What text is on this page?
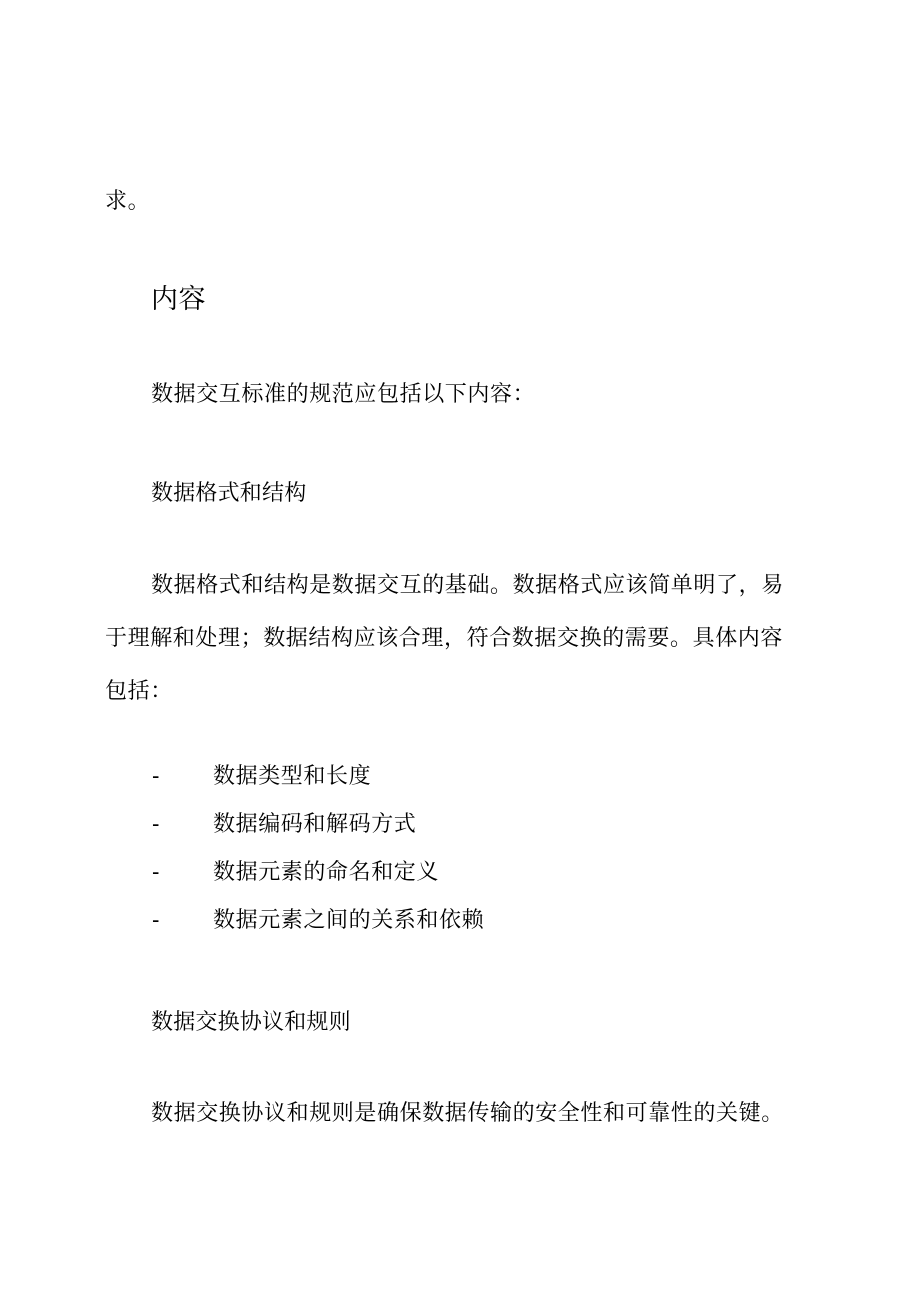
求。

内容

数据交互标准的规范应包括以下内容：

数据格式和结构

数据格式和结构是数据交互的基础。数据格式应该简单明了，易于理解和处理；数据结构应该合理，符合数据交换的需要。具体内容包括：

- 数据类型和长度
- 数据编码和解码方式
- 数据元素的命名和定义
- 数据元素之间的关系和依赖
数据交换协议和规则

数据交换协议和规则是确保数据传输的安全性和可靠性的关键。
